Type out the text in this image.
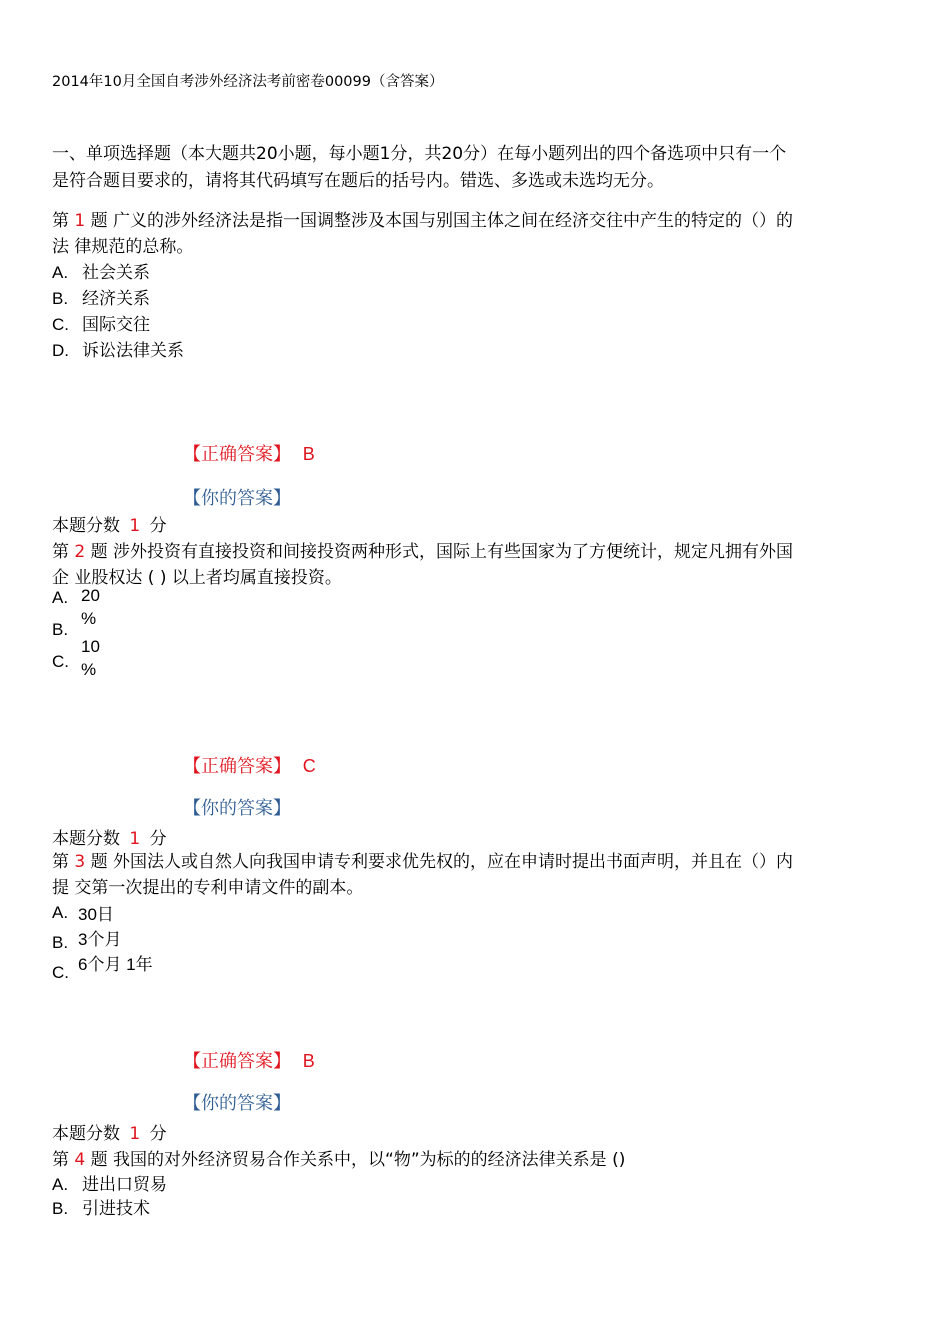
2014年10月全国自考涉外经济法考前密卷00099（含答案）
一、单项选择题（本大题共20小题，每小题1分，共20分）在每小题列出的四个备选项中只有一个
是符合题目要求的，请将其代码填写在题后的括号内。错选、多选或未选均无分。
第 1 题 广义的涉外经济法是指一国调整涉及本国与别国主体之间在经济交往中产生的特定的（）的
法 律规范的总称。
A. 社会关系
B. 经济关系
C. 国际交往
D. 诉讼法律关系
【正确答案】 B
【你的答案】
本题分数 1 分
第 2 题 涉外投资有直接投资和间接投资两种形式，国际上有些国家为了方便统计，规定凡拥有外国
企 业股权达 ( ) 以上者均属直接投资。
A.
B.
C.
20
%
10
%
【正确答案】 C
【你的答案】
本题分数 1 分
第 3 题 外国法人或自然人向我国申请专利要求优先权的，应在申请时提出书面声明，并且在（）内
提 交第一次提出的专利申请文件的副本。
A.
B.
C.
30日
3个月
6个月 1年
【正确答案】 B
【你的答案】
本题分数 1 分
第 4 题 我国的对外经济贸易合作关系中，以“物”为标的的经济法律关系是 ()
A. 进出口贸易
B. 引进技术
